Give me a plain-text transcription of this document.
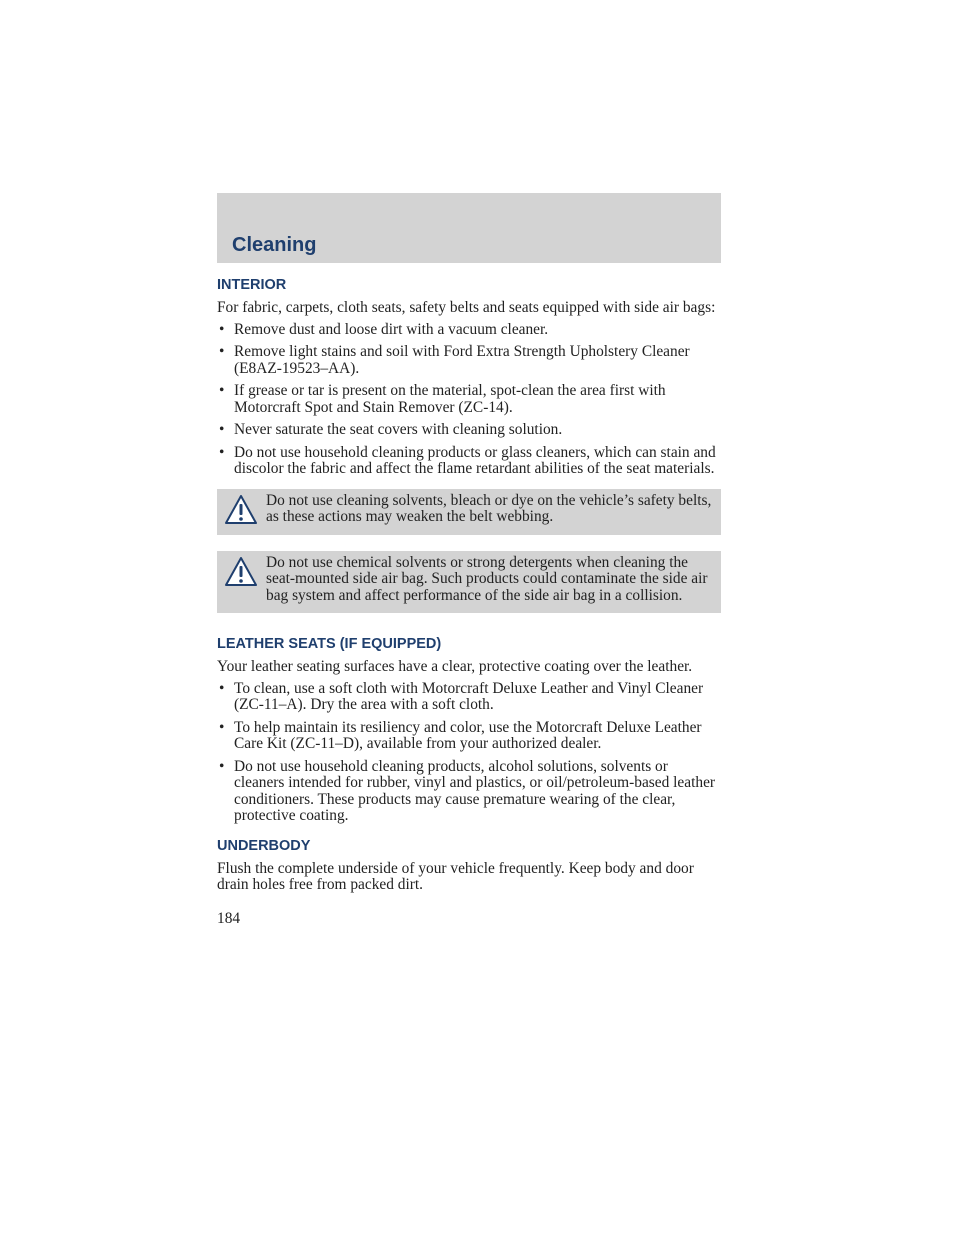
Cleaning
INTERIOR

For fabric, carpets, cloth seats, safety belts and seats equipped with side air bags:

• Remove dust and loose dirt with a vacuum cleaner.
• Remove light stains and soil with Ford Extra Strength Upholstery Cleaner (E8AZ-19523–AA).
• If grease or tar is present on the material, spot-clean the area first with Motorcraft Spot and Stain Remover (ZC-14).
• Never saturate the seat covers with cleaning solution.
• Do not use household cleaning products or glass cleaners, which can stain and discolor the fabric and affect the flame retardant abilities of the seat materials.
Do not use cleaning solvents, bleach or dye on the vehicle’s safety belts, as these actions may weaken the belt webbing.
Do not use chemical solvents or strong detergents when cleaning the seat-mounted side air bag. Such products could contaminate the side air bag system and affect performance of the side air bag in a collision.
LEATHER SEATS (IF EQUIPPED)

Your leather seating surfaces have a clear, protective coating over the leather.

• To clean, use a soft cloth with Motorcraft Deluxe Leather and Vinyl Cleaner (ZC-11–A). Dry the area with a soft cloth.
• To help maintain its resiliency and color, use the Motorcraft Deluxe Leather Care Kit (ZC-11–D), available from your authorized dealer.
• Do not use household cleaning products, alcohol solutions, solvents or cleaners intended for rubber, vinyl and plastics, or oil/petroleum-based leather conditioners. These products may cause premature wearing of the clear, protective coating.
UNDERBODY

Flush the complete underside of your vehicle frequently. Keep body and door drain holes free from packed dirt.

184
